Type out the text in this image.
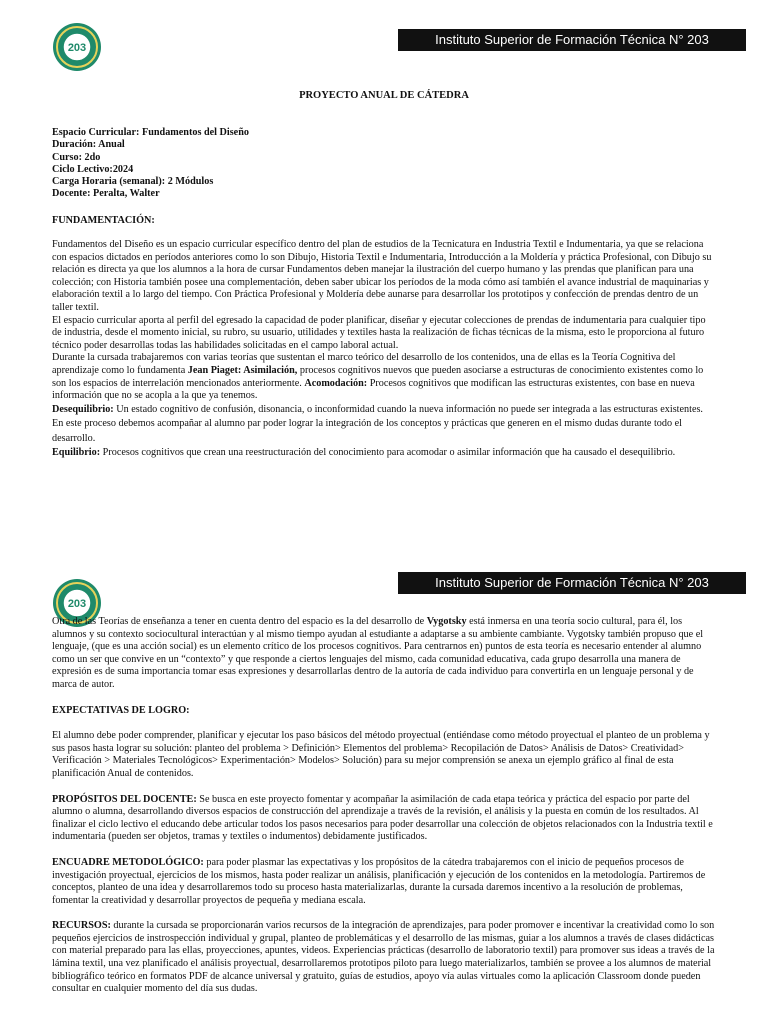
203
Instituto Superior de Formación Técnica N° 203
PROYECTO ANUAL DE CÁTEDRA
Espacio Curricular: Fundamentos del Diseño
Duración: Anual
Curso: 2do
Ciclo Lectivo:2024
Carga Horaria (semanal): 2 Módulos
Docente: Peralta, Walter
FUNDAMENTACIÓN:

Fundamentos del Diseño es un espacio curricular específico dentro del plan de estudios de la Tecnicatura en Industria Textil e Indumentaria, ya que se relaciona con espacios dictados en períodos anteriores como lo son Dibujo, Historia Textil e Indumentaria, Introducción a la Moldería y práctica Profesional, con Dibujo su relación es directa ya que los alumnos a la hora de cursar Fundamentos deben manejar la ilustración del cuerpo humano y las prendas que planifican para una colección; con Historia también posee una complementación, deben saber ubicar los períodos de la moda cómo así también el avance industrial de maquinarias y elaboración textil a lo largo del tiempo. Con Práctica Profesional y Moldería debe aunarse para desarrollar los prototipos y confección de prendas dentro de un taller textil.

El espacio curricular aporta al perfil del egresado la capacidad de poder planificar, diseñar y ejecutar colecciones de prendas de indumentaria para cualquier tipo de industria, desde el momento inicial, su rubro, su usuario, utilidades y textiles hasta la realización de fichas técnicas de la misma, esto le proporciona al futuro técnico poder desarrollas todas las habilidades solicitadas en el campo laboral actual.

Durante la cursada trabajaremos con varias teorías que sustentan el marco teórico del desarrollo de los contenidos, una de ellas es la Teoría Cognitiva del aprendizaje como lo fundamenta Jean Piaget: Asimilación, procesos cognitivos nuevos que pueden asociarse a estructuras de conocimiento existentes como lo son los espacios de interrelación mencionados anteriormente. Acomodación: Procesos cognitivos que modifican las estructuras existentes, con base en nueva información que no se acopla a la que ya tenemos.

Desequilibrio: Un estado cognitivo de confusión, disonancia, o inconformidad cuando la nueva información no puede ser integrada a las estructuras existentes. En este proceso debemos acompañar al alumno par poder lograr la integración de los conceptos y prácticas que generen en el mismo dudas durante todo el desarrollo.

Equilibrio: Procesos cognitivos que crean una reestructuración del conocimiento para acomodar o asimilar información que ha causado el desequilibrio.

203
Instituto Superior de Formación Técnica N° 203

Otra de las Teorías de enseñanza a tener en cuenta dentro del espacio es la del desarrollo de Vygotsky está inmersa en una teoría socio cultural, para él, los alumnos y su contexto sociocultural interactúan y al mismo tiempo ayudan al estudiante a adaptarse a su ambiente cambiante. Vygotsky también propuso que el lenguaje, (que es una acción social) es un elemento crítico de los procesos cognitivos. Para centrarnos en) puntos de esta teoría es necesario entender al alumno como un ser que convive en un “contexto” y que responde a ciertos lenguajes del mismo, cada comunidad educativa, cada grupo desarrolla una manera de expresión es de suma importancia tomar esas expresiones y desarrollarlas dentro de la autoría de cada individuo para convertirla en un lenguaje personal y de marca de autor.

EXPECTATIVAS DE LOGRO:

El alumno debe poder comprender, planificar y ejecutar los paso básicos del método proyectual (entiéndase como método proyectual el planteo de un problema y sus pasos hasta lograr su solución: planteo del problema > Definición> Elementos del problema> Recopilación de Datos> Análisis de Datos> Creatividad> Verificación > Materiales Tecnológicos> Experimentación> Modelos> Solución) para su mejor comprensión se anexa un ejemplo gráfico al final de esta planificación Anual de contenidos.

PROPÓSITOS DEL DOCENTE: Se busca en este proyecto fomentar y acompañar la asimilación de cada etapa teórica y práctica del espacio por parte del alumno o alumna, desarrollando diversos espacios de construcción del aprendizaje a través de la revisión, el análisis y la puesta en común de los resultados. Al finalizar el ciclo lectivo el educando debe articular todos los pasos necesarios para poder desarrollar una colección de objetos relacionados con la Industria textil e indumentaria (pueden ser objetos, tramas y textiles o indumentos) debidamente justificados.

ENCUADRE METODOLÓGICO: para poder plasmar las expectativas y los propósitos de la cátedra trabajaremos con el inicio de pequeños procesos de investigación proyectual, ejercicios de los mismos, hasta poder realizar un análisis, planificación y ejecución de los contenidos en la metodología. Partiremos de conceptos, planteo de una idea y desarrollaremos todo su proceso hasta materializarlas, durante la cursada daremos incentivo a la resolución de problemas, fomentar la creatividad y desarrollar proyectos de pequeña y mediana escala.

RECURSOS: durante la cursada se proporcionarán varios recursos de la integración de aprendizajes, para poder promover e incentivar la creatividad como lo son pequeños ejercicios de instrospección individual y grupal, planteo de problemáticas y el desarrollo de las mismas, guiar a los alumnos a través de clases didácticas con material preparado para las ellas, proyecciones, apuntes, videos. Experiencias prácticas (desarrollo de laboratorio textil) para promover sus ideas a través de la lámina textil, una vez planificado el análisis proyectual, desarrollaremos prototipos piloto para luego materializarlos, también se provee a los alumnos de material bibliográfico teórico en formatos PDF de alcance universal y gratuito, guías de estudios, apoyo vía aulas virtuales como la aplicación Classroom donde pueden consultar en cualquier momento del día sus dudas.
